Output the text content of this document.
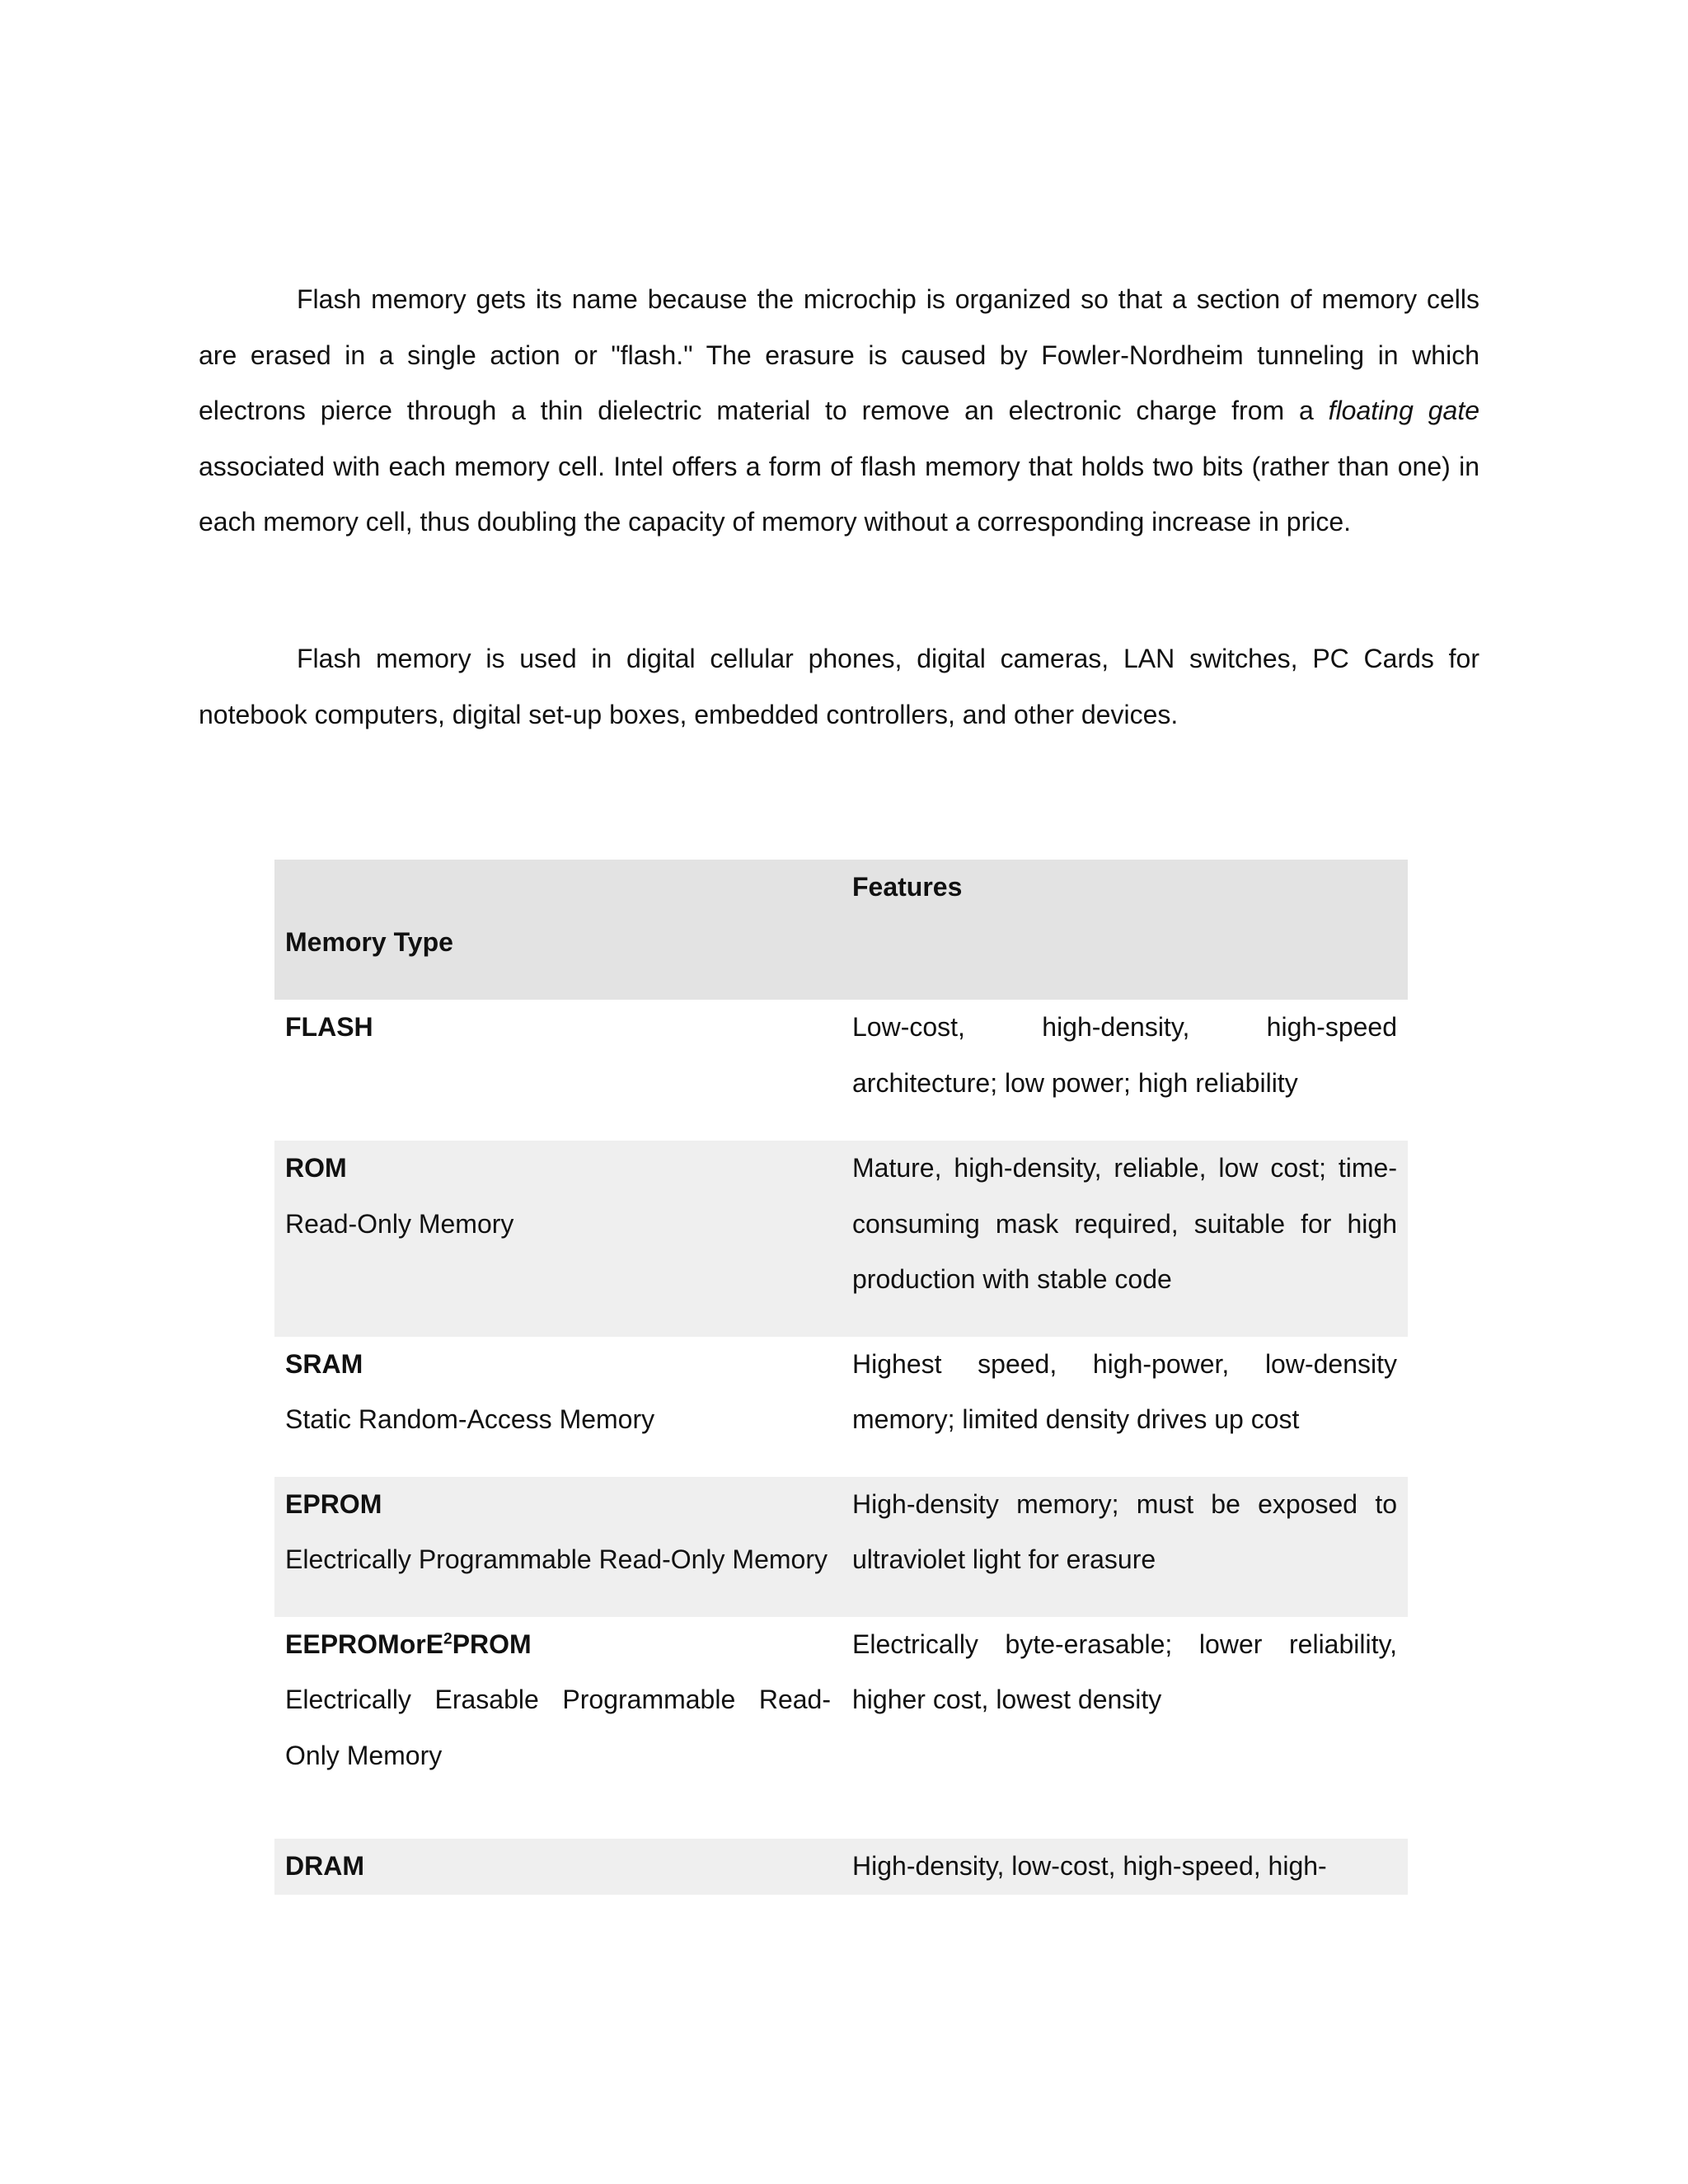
Flash memory gets its name because the microchip is organized so that a section of memory cells are erased in a single action or "flash." The erasure is caused by Fowler-Nordheim tunneling in which electrons pierce through a thin dielectric material to remove an electronic charge from a floating gate associated with each memory cell. Intel offers a form of flash memory that holds two bits (rather than one) in each memory cell, thus doubling the capacity of memory without a corresponding increase in price.

Flash memory is used in digital cellular phones, digital cameras, LAN switches, PC Cards for notebook computers, digital set-up boxes, embedded controllers, and other devices.

Memory Type	Features

FLASH	Low-cost, high-density, high-speed architecture; low power; high reliability

ROM
Read-Only Memory	Mature, high-density, reliable, low cost; time-consuming mask required, suitable for high production with stable code

SRAM
Static Random-Access Memory	Highest speed, high-power, low-density memory; limited density drives up cost

EPROM
Electrically Programmable Read-Only Memory	High-density memory; must be exposed to ultraviolet light for erasure

EEPROMorE$^2$PROM
Electrically Erasable Programmable Read-Only Memory	Electrically byte-erasable; lower reliability, higher cost, lowest density

DRAM	High-density, low-cost, high-speed, high-
